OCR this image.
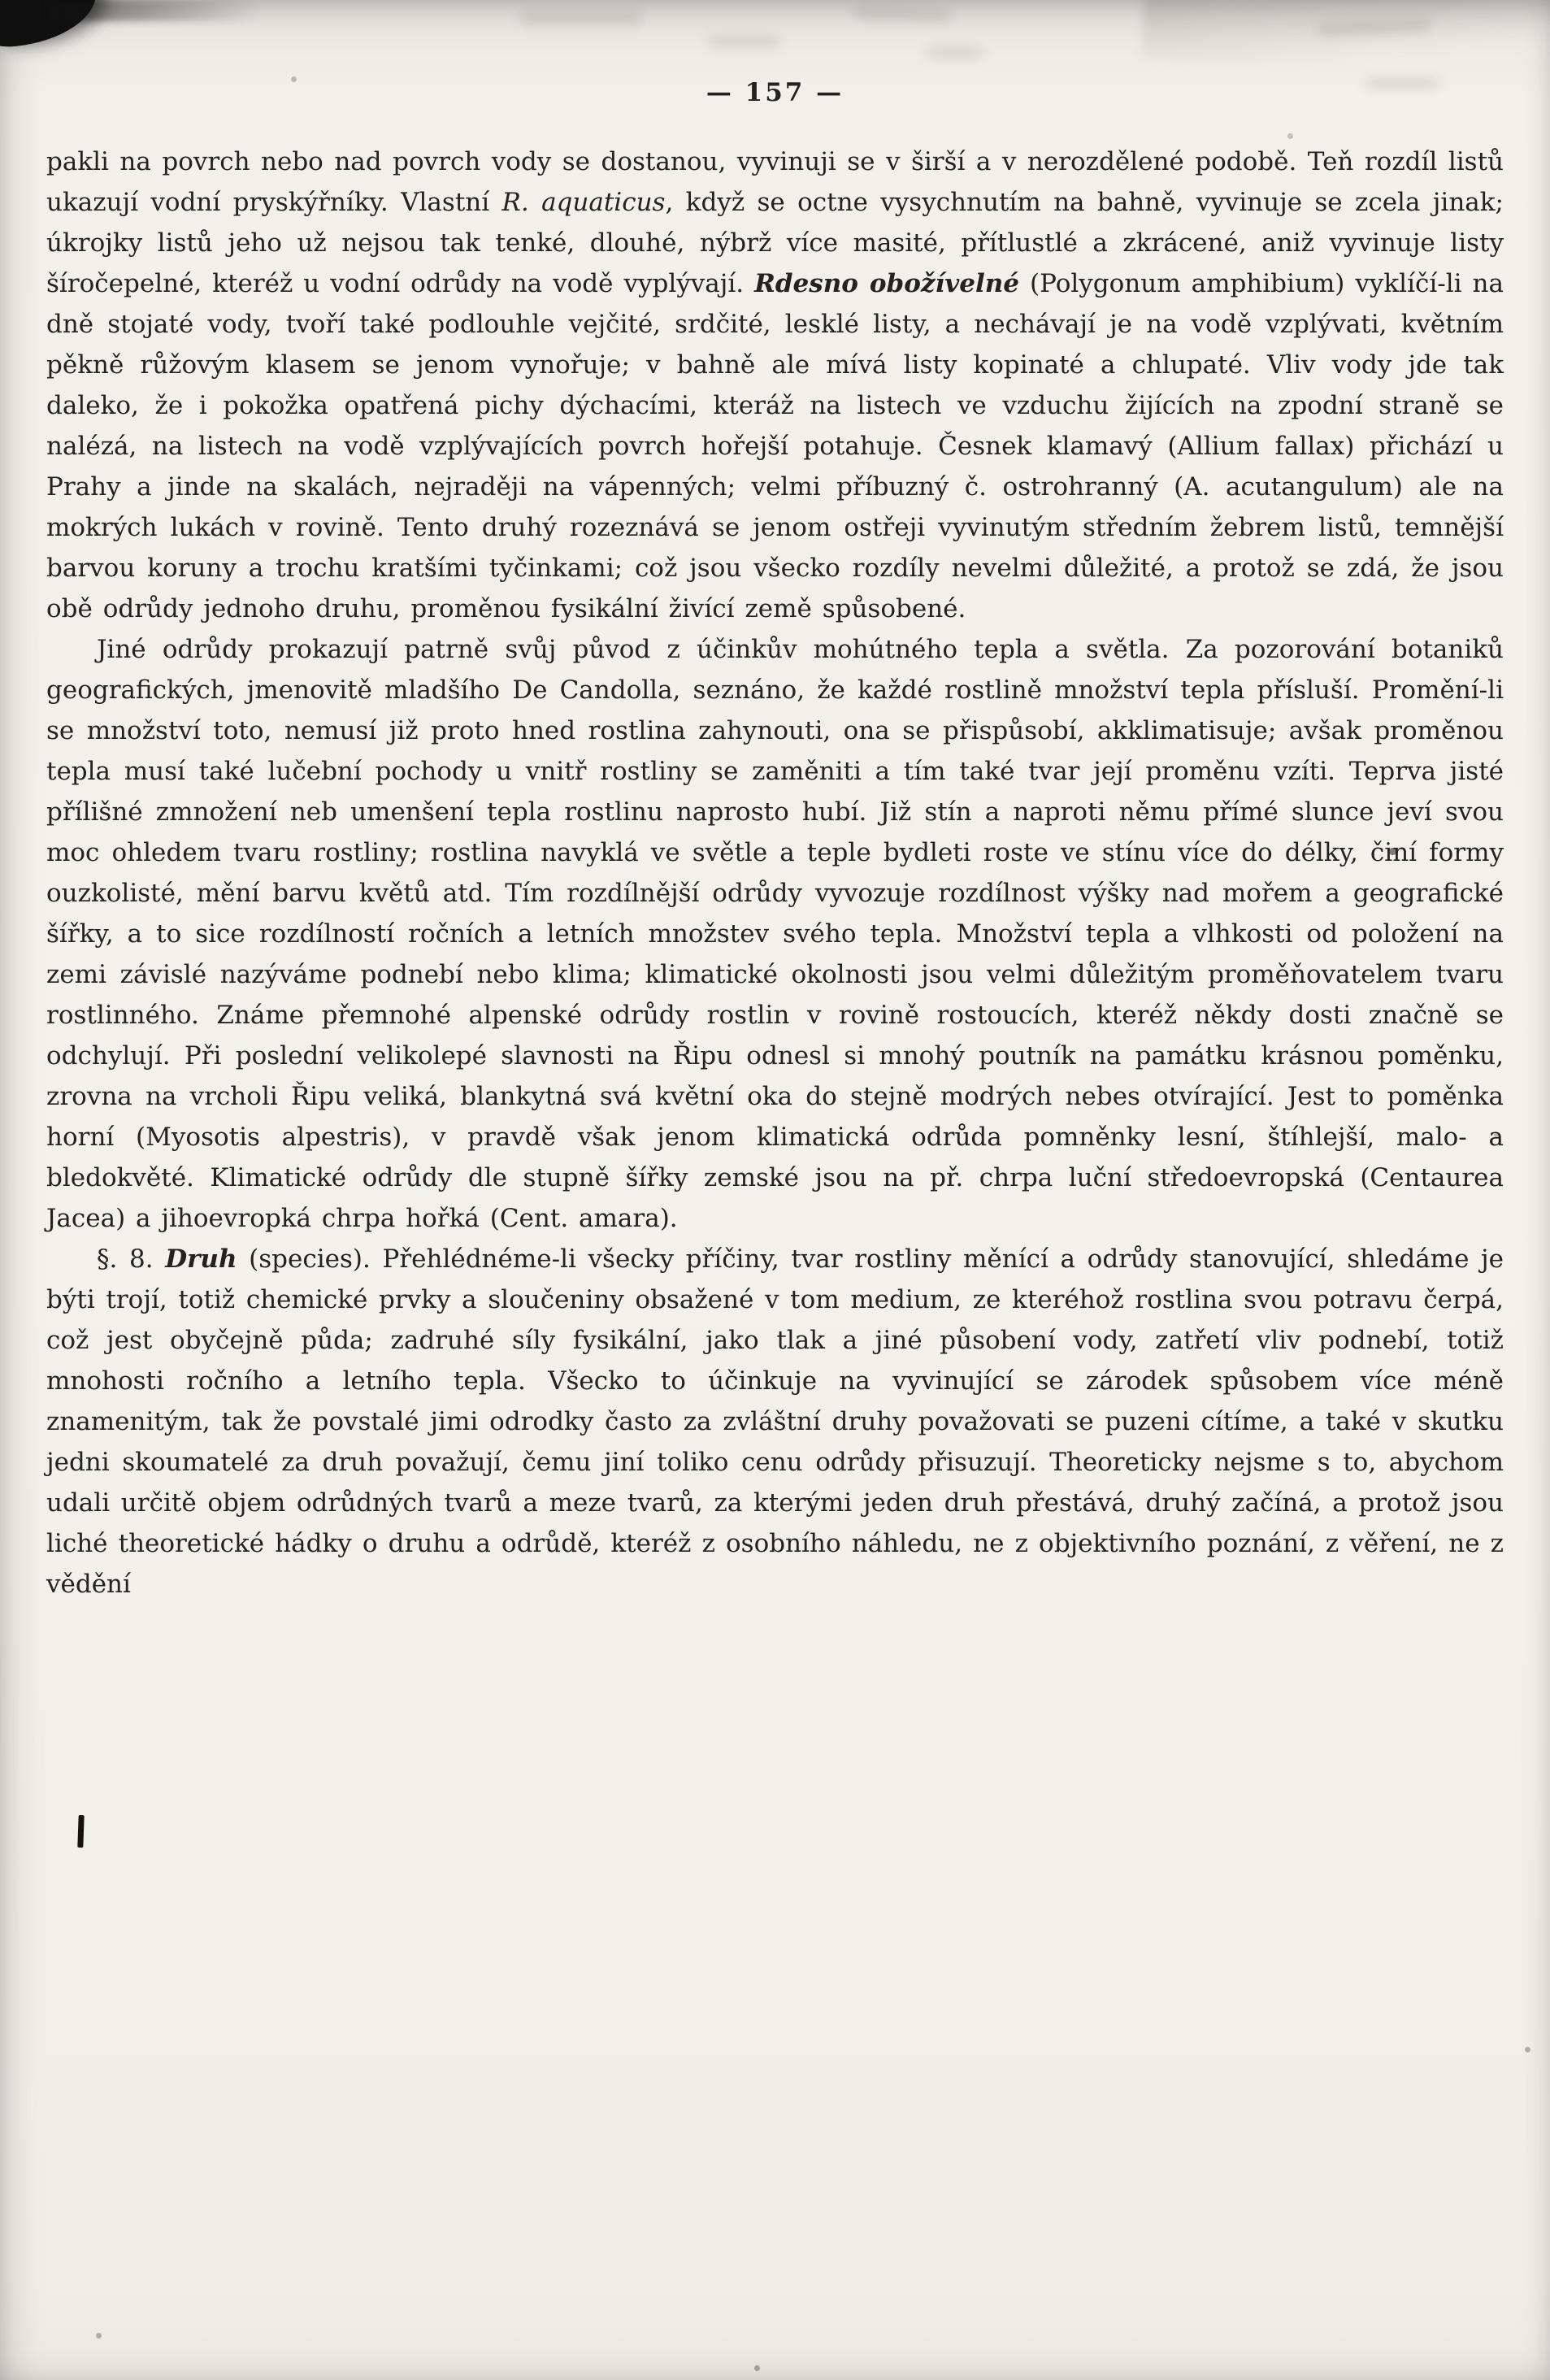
— 157 —

pakli na povrch nebo nad povrch vody se dostanou, vyvinuji se v širší a v nerozdělené podobě. Teň rozdíl listů ukazují vodní pryskýřníky. Vlastní R. aquaticus, když se octne vysychnutím na bahně, vyvinuje se zcela jinak; úkrojky listů jeho už nejsou tak tenké, dlouhé, nýbrž více masité, přítlustlé a zkrácené, aniž vyvinuje listy šíročepelné, kteréž u vodní odrůdy na vodě vyplývají. Rdesno obožívelné (Polygonum amphibium) vyklíčí-li na dně stojaté vody, tvoří také podlouhle vejčité, srdčité, lesklé listy, a nechávají je na vodě vzplývati, květním pěkně růžovým klasem se jenom vynořuje; v bahně ale mívá listy kopinaté a chlupaté. Vliv vody jde tak daleko, že i pokožka opatřená pichy dýchacími, kteráž na listech ve vzduchu žijících na zpodní straně se nalézá, na listech na vodě vzplývajících povrch hořejší potahuje. Česnek klamavý (Allium fallax) přichází u Prahy a jinde na skalách, nejraději na vápenných; velmi příbuzný č. ostrohranný (A. acutangulum) ale na mokrých lukách v rovině. Tento druhý rozeznává se jenom ostřeji vyvinutým středním žebrem listů, temnější barvou koruny a trochu kratšími tyčinkami; což jsou všecko rozdíly nevelmi důležité, a protož se zdá, že jsou obě odrůdy jednoho druhu, proměnou fysikální živící země spůsobené.

Jiné odrůdy prokazují patrně svůj původ z účinkův mohútného tepla a světla. Za pozorování botaniků geografických, jmenovitě mladšího De Candolla, seznáno, že každé rostlině množství tepla přísluší. Promění-li se množství toto, nemusí již proto hned rostlina zahynouti, ona se přispůsobí, akklimatisuje; avšak proměnou tepla musí také lučební pochody u vnitř rostliny se zaměniti a tím také tvar její proměnu vzíti. Teprva jisté přílišné zmnožení neb umenšení tepla rostlinu naprosto hubí. Již stín a naproti němu přímé slunce jeví svou moc ohledem tvaru rostliny; rostlina navyklá ve světle a teple bydleti roste ve stínu více do délky, činí formy ouzkolisté, mění barvu květů atd. Tím rozdílnější odrůdy vyvozuje rozdílnost výšky nad mořem a geografické šířky, a to sice rozdílností ročních a letních množstev svého tepla. Množství tepla a vlhkosti od položení na zemi závislé nazýváme podnebí nebo klima; klimatické okolnosti jsou velmi důležitým proměňovatelem tvaru rostlinného. Známe přemnohé alpenské odrůdy rostlin v rovině rostoucích, kteréž někdy dosti značně se odchylují. Při poslední velikolepé slavnosti na Řipu odnesl si mnohý poutník na památku krásnou poměnku, zrovna na vrcholi Řipu veliká, blankytná svá květní oka do stejně modrých nebes otvírající. Jest to poměnka horní (Myosotis alpestris), v pravdě však jenom klimatická odrůda pomněnky lesní, štíhlejší, malo- a bledokvěté. Klimatické odrůdy dle stupně šířky zemské jsou na př. chrpa luční středoevropská (Centaurea Jacea) a jihoevropká chrpa hořká (Cent. amara).

§. 8. Druh (species). Přehlédnéme-li všecky příčiny, tvar rostliny měnící a odrůdy stanovující, shledáme je býti trojí, totiž chemické prvky a sloučeniny obsažené v tom medium, ze kteréhož rostlina svou potravu čerpá, což jest obyčejně půda; zadruhé síly fysikální, jako tlak a jiné působení vody, zatřetí vliv podnebí, totiž mnohosti ročního a letního tepla. Všecko to účinkuje na vyvinující se zárodek spůsobem více méně znamenitým, tak že povstalé jimi odrodky často za zvláštní druhy považovati se puzeni cítíme, a také v skutku jedni skoumatelé za druh považují, čemu jiní toliko cenu odrůdy přisuzují. Theoreticky nejsme s to, abychom udali určitě objem odrůdných tvarů a meze tvarů, za kterými jeden druh přestává, druhý začíná, a protož jsou liché theoretické hádky o druhu a odrůdě, kteréž z osobního náhledu, ne z objektivního poznání, z věření, ne z vědění
